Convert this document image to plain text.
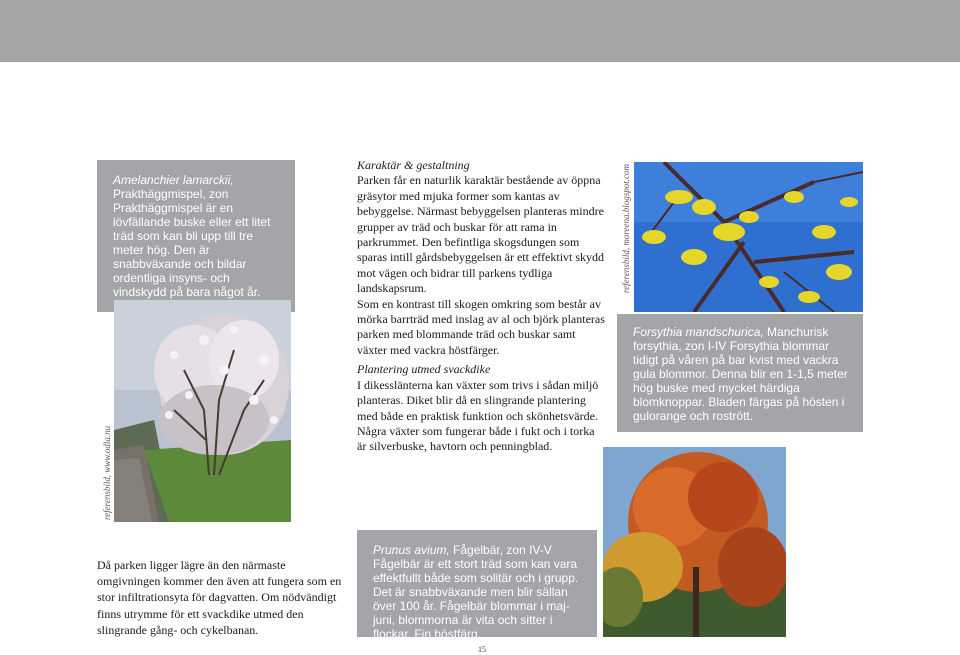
Amelanchier lamarckii, Prakthäggmispel, zon Prakthäggmispel är en lövfällande buske eller ett litet träd som kan bli upp till tre meter hög. Den är snabbväxande och bildar ordentliga insyns- och vindskydd på bara något år.
referensbild, www.odla.nu

Karaktär & gestaltning

Parken får en naturlik karaktär bestående av öppna gräsytor med mjuka former som kantas av bebyggelse. Närmast bebyggelsen planteras mindre grupper av träd och buskar för att rama in parkrummet. Den befintliga skogsdungen som sparas intill gårdsbebyggelsen är ett effektivt skydd mot vägen och bidrar till parkens tydliga landskapsrum.

Som en kontrast till skogen omkring som består av mörka barrträd med inslag av al och björk planteras parken med blommande träd och buskar samt växter med vackra höstfärger.

Plantering utmed svackdike

I dikesslänterna kan växter som trivs i sådan miljö planteras. Diket blir då en slingrande plantering med både en praktisk funktion och skönhetsvärde. Några växter som fungerar både i fukt och i torka är silverbuske, havtorn och penningblad.

referensbild, moreena.blogspot.com
Forsythia mandschurica, Manchurisk forsythia, zon I-IV Forsythia blommar tidigt på våren på bar kvist med vackra gula blommor. Denna blir en 1-1,5 meter hög buske med mycket härdiga blomknoppar. Bladen färgas på hösten i gulorange och rostrött.
Prunus avium, Fågelbär, zon IV-V Fågelbär är ett stort träd som kan vara effektfullt både som solitär och i grupp. Det är snabbväxande men blir sällan över 100 år. Fågelbär blommar i maj-juni, blommorna är vita och sitter i flockar. Fin höstfärg.
Då parken ligger lägre än den närmaste omgivningen kommer den även att fungera som en stor infiltrationsyta för dagvatten. Om nödvändigt finns utrymme för ett svackdike utmed den slingrande gång- och cykelbanan.
15
